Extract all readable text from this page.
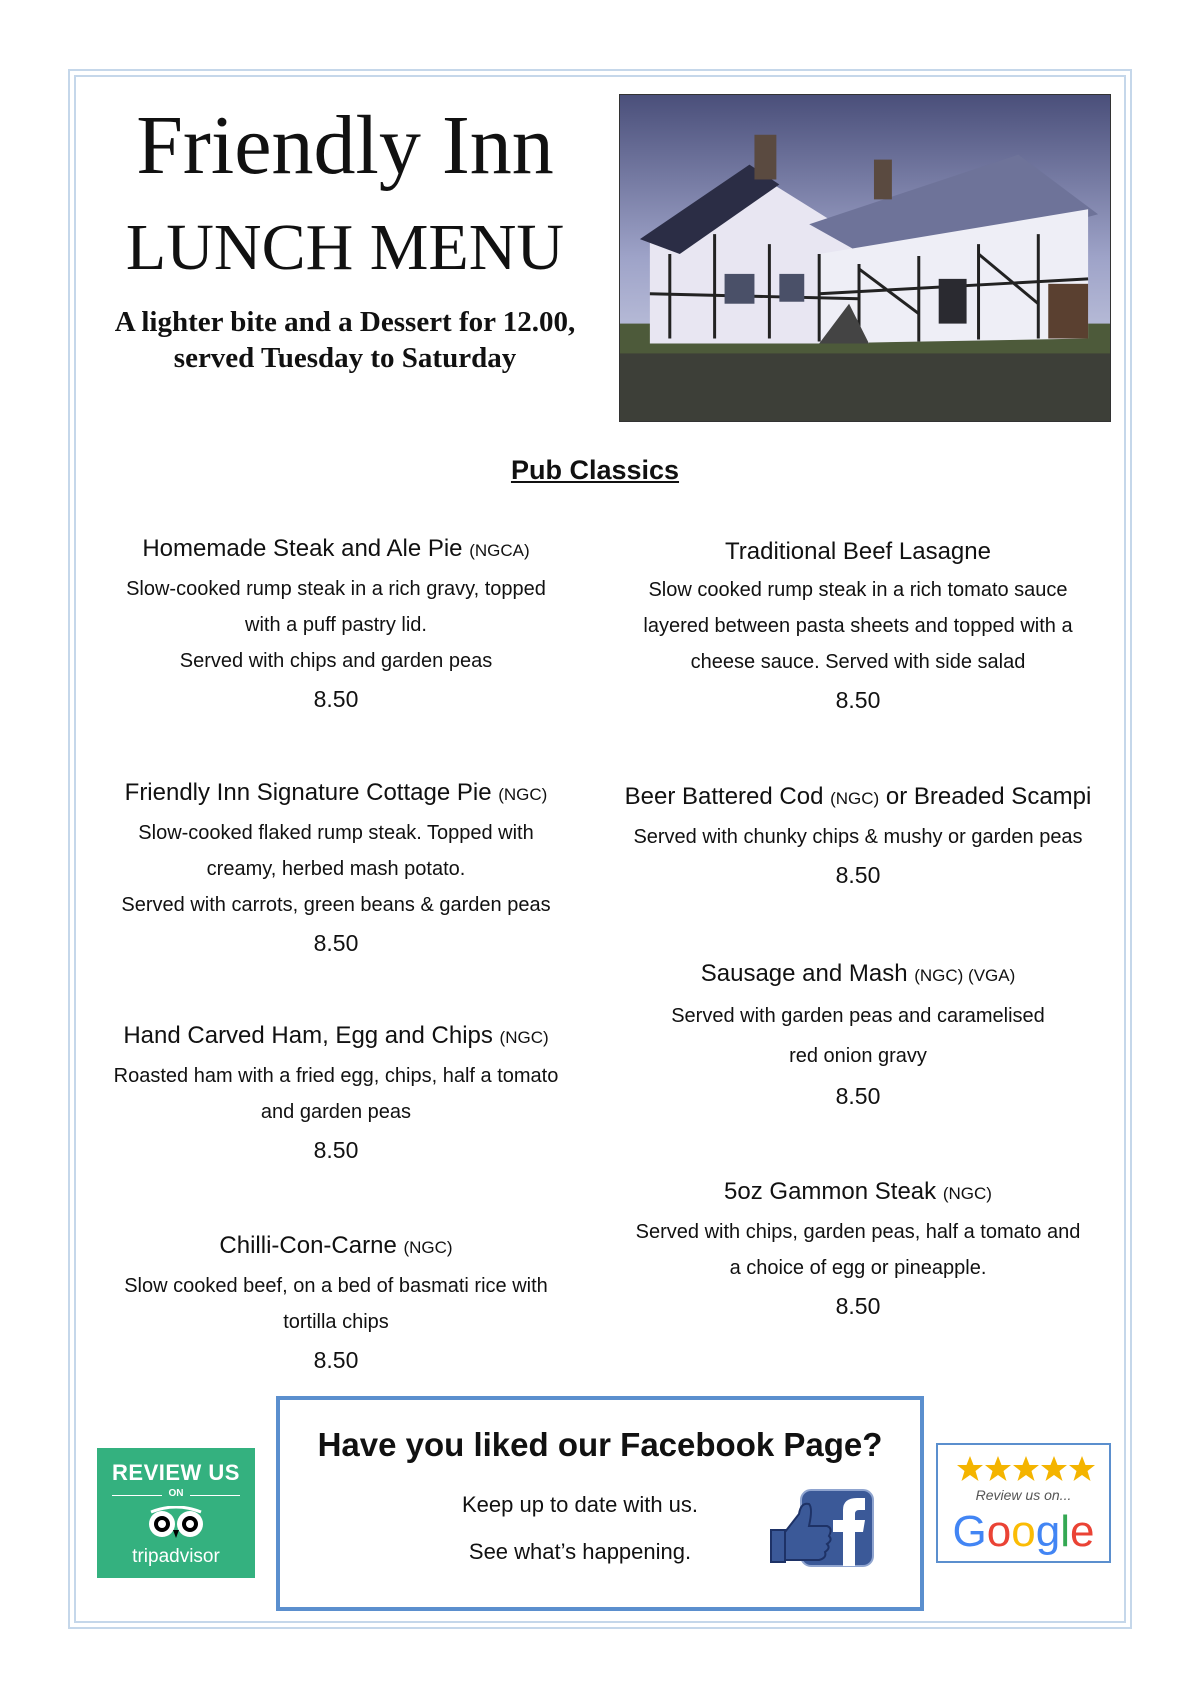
Friendly Inn
LUNCH MENU
A lighter bite and a Dessert for 12.00,
served Tuesday to Saturday
Pub Classics

Homemade Steak and Ale Pie (NGCA)

Slow-cooked rump steak in a rich gravy, topped
with a puff pastry lid.
Served with chips and garden peas

8.50

Friendly Inn Signature Cottage Pie (NGC)

Slow-cooked flaked rump steak. Topped with
creamy, herbed mash potato.
Served with carrots, green beans & garden peas

8.50

Hand Carved Ham, Egg and Chips (NGC)

Roasted ham with a fried egg, chips, half a tomato
and garden peas

8.50

Chilli-Con-Carne (NGC)

Slow cooked beef, on a bed of basmati rice with
tortilla chips

8.50

Traditional Beef Lasagne

Slow cooked rump steak in a rich tomato sauce
layered between pasta sheets and topped with a
cheese sauce. Served with side salad

8.50

Beer Battered Cod (NGC) or Breaded Scampi

Served with chunky chips & mushy or garden peas

8.50

Sausage and Mash (NGC) (VGA)

Served with garden peas and caramelised
red onion gravy

8.50

5oz Gammon Steak (NGC)

Served with chips, garden peas, half a tomato and
a choice of egg or pineapple.

8.50

REVIEW US
ON
tripadvisor

Have you liked our Facebook Page?

Keep up to date with us.
See what’s happening.
Review us on...
Google
